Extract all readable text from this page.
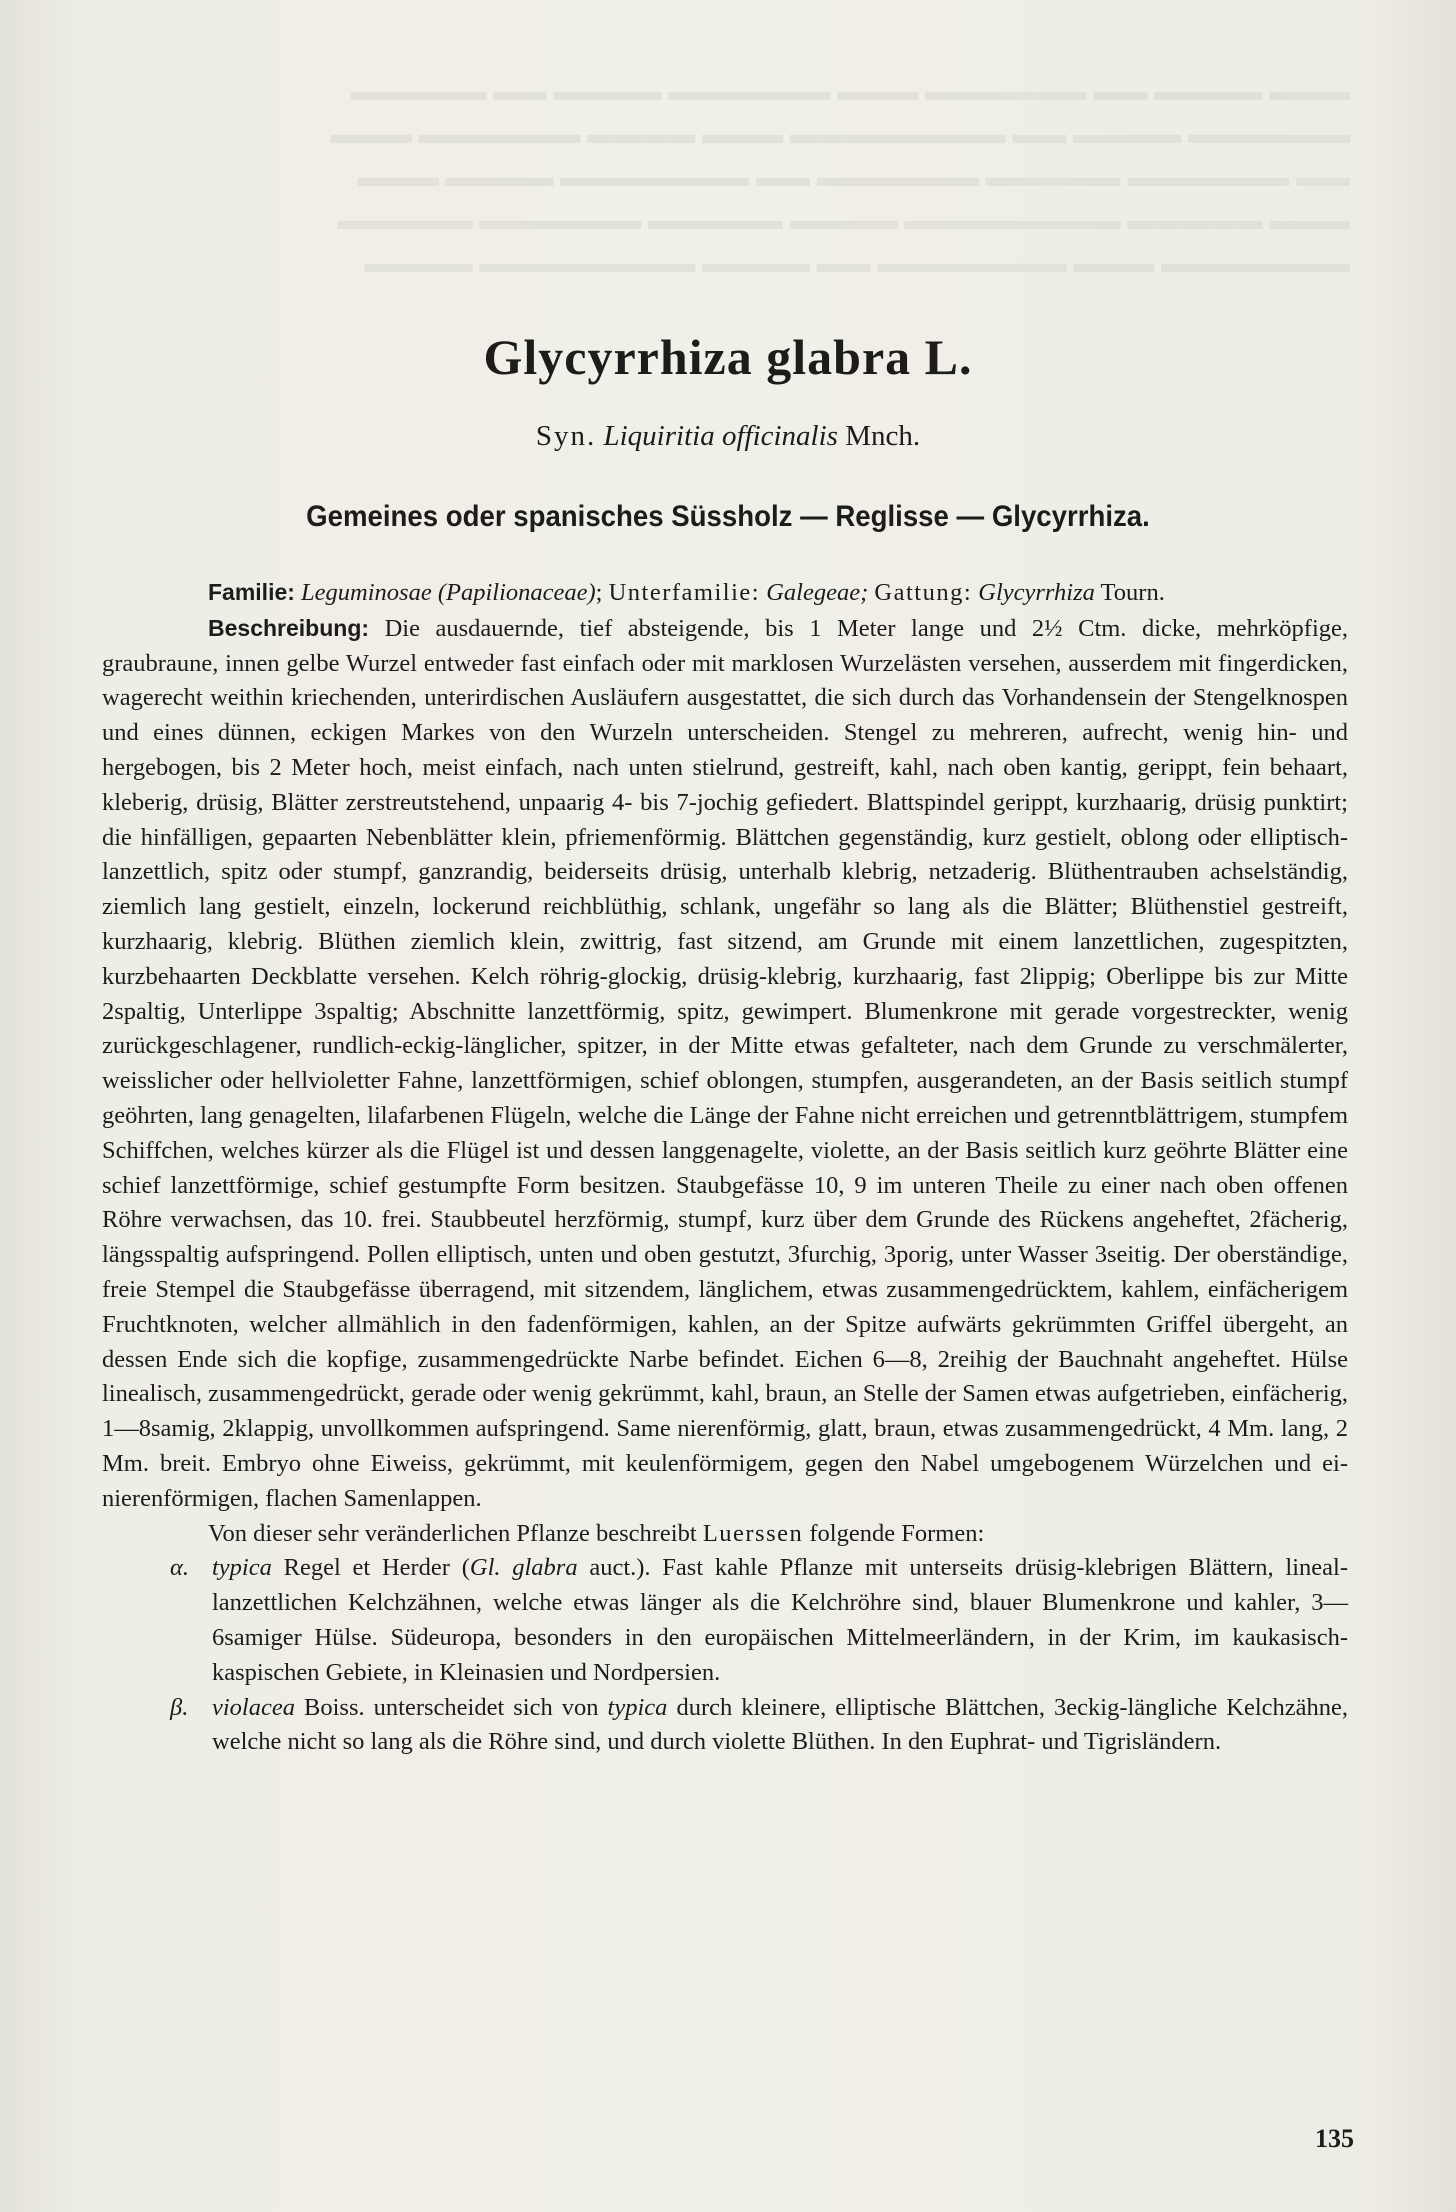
▬▬▬ ▬▬▬▬ ▬▬ ▬▬▬▬▬▬ ▬▬▬ ▬▬▬▬▬▬ ▬▬▬▬ ▬▬ ▬▬▬▬▬
▬▬▬▬▬▬ ▬▬▬▬ ▬▬ ▬▬▬▬▬▬▬▬ ▬▬▬ ▬▬▬▬ ▬▬▬▬▬▬ ▬▬▬
▬▬ ▬▬▬▬▬▬ ▬▬▬▬▬ ▬▬▬▬▬▬ ▬▬ ▬▬▬▬▬▬▬ ▬▬▬▬ ▬▬▬
▬▬▬ ▬▬▬▬▬ ▬▬▬▬▬▬▬▬ ▬▬▬▬ ▬▬▬▬▬ ▬▬▬▬▬▬ ▬▬▬▬▬
▬▬▬▬▬▬▬ ▬▬▬ ▬▬▬▬▬▬▬ ▬▬ ▬▬▬▬ ▬▬▬▬▬▬▬▬ ▬▬▬▬
Glycyrrhiza glabra L.
Syn. Liquiritia officinalis Mnch.
Gemeines oder spanisches Süssholz — Reglisse — Glycyrrhiza.

Familie: Leguminosae (Papilionaceae); Unterfamilie: Galegeae; Gattung: Glycyrrhiza Tourn.

Beschreibung: Die ausdauernde, tief absteigende, bis 1 Meter lange und 2½ Ctm. dicke, mehrköpfige, graubraune, innen gelbe Wurzel entweder fast einfach oder mit marklosen Wurzelästen versehen, ausserdem mit fingerdicken, wagerecht weithin kriechenden, unterirdischen Ausläufern ausgestattet, die sich durch das Vorhandensein der Stengelknospen und eines dünnen, eckigen Markes von den Wurzeln unterscheiden. Stengel zu mehreren, aufrecht, wenig hin- und hergebogen, bis 2 Meter hoch, meist einfach, nach unten stielrund, gestreift, kahl, nach oben kantig, gerippt, fein behaart, kleberig, drüsig, Blätter zerstreutstehend, unpaarig 4- bis 7-jochig gefiedert. Blattspindel gerippt, kurzhaarig, drüsig punktirt; die hinfälligen, gepaarten Nebenblätter klein, pfriemenförmig. Blättchen gegenständig, kurz gestielt, oblong oder elliptisch-lanzettlich, spitz oder stumpf, ganzrandig, beiderseits drüsig, unterhalb klebrig, netzaderig. Blüthentrauben achselständig, ziemlich lang gestielt, einzeln, lockerund reichblüthig, schlank, ungefähr so lang als die Blätter; Blüthenstiel gestreift, kurzhaarig, klebrig. Blüthen ziemlich klein, zwittrig, fast sitzend, am Grunde mit einem lanzettlichen, zugespitzten, kurzbehaarten Deckblatte versehen. Kelch röhrig-glockig, drüsig-klebrig, kurzhaarig, fast 2lippig; Oberlippe bis zur Mitte 2spaltig, Unterlippe 3spaltig; Abschnitte lanzettförmig, spitz, gewimpert. Blumenkrone mit gerade vorgestreckter, wenig zurückgeschlagener, rundlich-eckig-länglicher, spitzer, in der Mitte etwas gefalteter, nach dem Grunde zu verschmälerter, weisslicher oder hellvioletter Fahne, lanzettförmigen, schief oblongen, stumpfen, ausgerandeten, an der Basis seitlich stumpf geöhrten, lang genagelten, lilafarbenen Flügeln, welche die Länge der Fahne nicht erreichen und getrenntblättrigem, stumpfem Schiffchen, welches kürzer als die Flügel ist und dessen langgenagelte, violette, an der Basis seitlich kurz geöhrte Blätter eine schief lanzettförmige, schief gestumpfte Form besitzen. Staubgefässe 10, 9 im unteren Theile zu einer nach oben offenen Röhre verwachsen, das 10. frei. Staubbeutel herzförmig, stumpf, kurz über dem Grunde des Rückens angeheftet, 2fächerig, längsspaltig aufspringend. Pollen elliptisch, unten und oben gestutzt, 3furchig, 3porig, unter Wasser 3seitig. Der oberständige, freie Stempel die Staubgefässe überragend, mit sitzendem, länglichem, etwas zusammengedrücktem, kahlem, einfächerigem Fruchtknoten, welcher allmählich in den fadenförmigen, kahlen, an der Spitze aufwärts gekrümmten Griffel übergeht, an dessen Ende sich die kopfige, zusammengedrückte Narbe befindet. Eichen 6—8, 2reihig der Bauchnaht angeheftet. Hülse linealisch, zusammengedrückt, gerade oder wenig gekrümmt, kahl, braun, an Stelle der Samen etwas aufgetrieben, einfächerig, 1—8samig, 2klappig, unvollkommen aufspringend. Same nierenförmig, glatt, braun, etwas zusammengedrückt, 4 Mm. lang, 2 Mm. breit. Embryo ohne Eiweiss, gekrümmt, mit keulenförmigem, gegen den Nabel umgebogenem Würzelchen und ei-nierenförmigen, flachen Samenlappen.

Von dieser sehr veränderlichen Pflanze beschreibt Luerssen folgende Formen:

α. typica Regel et Herder (Gl. glabra auct.). Fast kahle Pflanze mit unterseits drüsig-klebrigen Blättern, lineal-lanzettlichen Kelchzähnen, welche etwas länger als die Kelchröhre sind, blauer Blumenkrone und kahler, 3—6samiger Hülse. Südeuropa, besonders in den europäischen Mittelmeerländern, in der Krim, im kaukasisch-kaspischen Gebiete, in Kleinasien und Nordpersien.

β. violacea Boiss. unterscheidet sich von typica durch kleinere, elliptische Blättchen, 3eckig-längliche Kelchzähne, welche nicht so lang als die Röhre sind, und durch violette Blüthen. In den Euphrat- und Tigrisländern.

135
